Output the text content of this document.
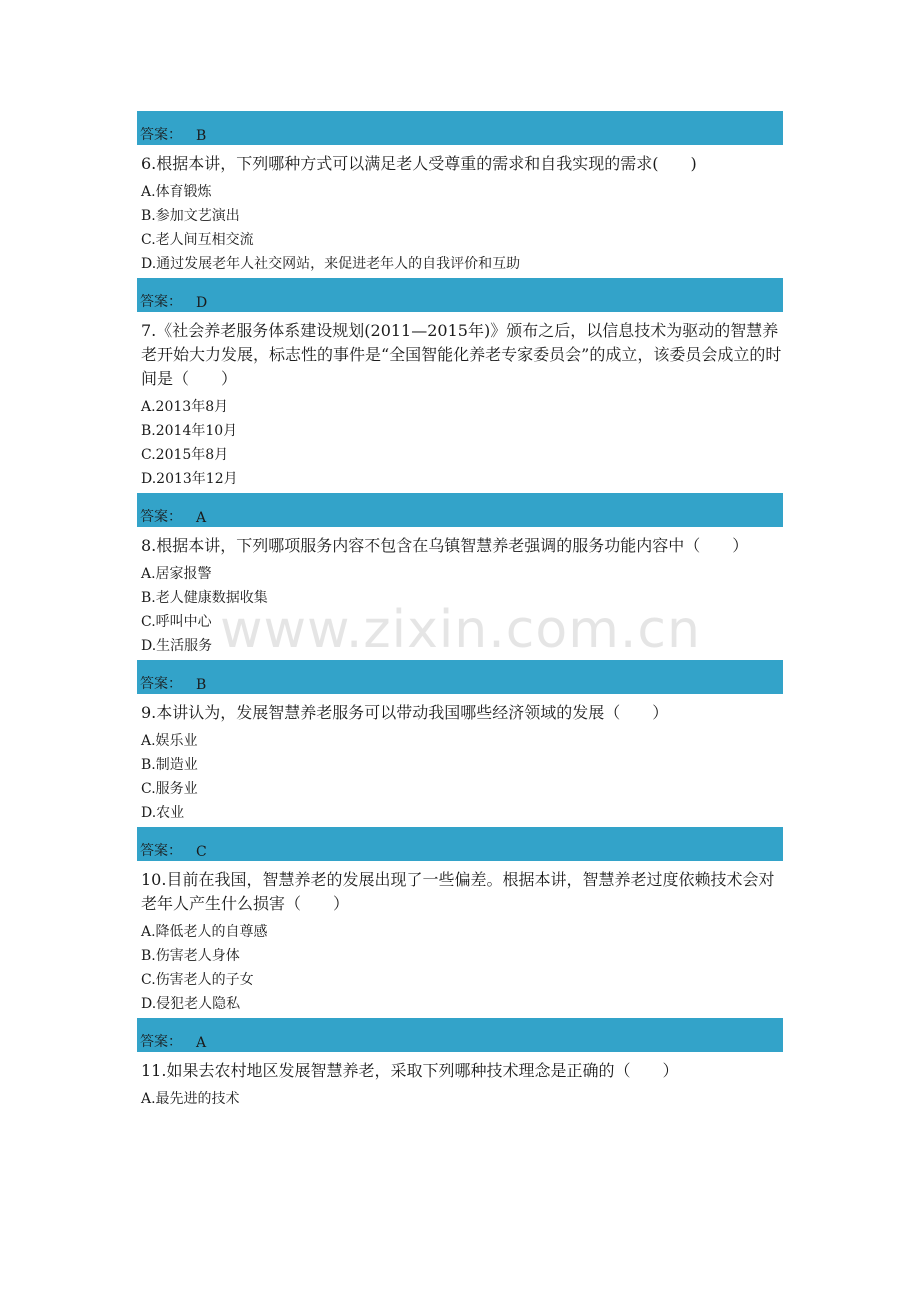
答案： B
6.根据本讲，下列哪种方式可以满足老人受尊重的需求和自我实现的需求(　　)
A.体育锻炼
B.参加文艺演出
C.老人间互相交流
D.通过发展老年人社交网站，来促进老年人的自我评价和互助
答案： D
7.《社会养老服务体系建设规划(2011—2015年)》颁布之后，以信息技术为驱动的智慧养老开始大力发展，标志性的事件是“全国智能化养老专家委员会”的成立，该委员会成立的时间是（　　）
A.2013年8月
B.2014年10月
C.2015年8月
D.2013年12月
答案： A
8.根据本讲，下列哪项服务内容不包含在乌镇智慧养老强调的服务功能内容中（　　）
A.居家报警
B.老人健康数据收集
C.呼叫中心
D.生活服务
答案： B
9.本讲认为，发展智慧养老服务可以带动我国哪些经济领域的发展（　　）
A.娱乐业
B.制造业
C.服务业
D.农业
答案： C
10.目前在我国，智慧养老的发展出现了一些偏差。根据本讲，智慧养老过度依赖技术会对老年人产生什么损害（　　）
A.降低老人的自尊感
B.伤害老人身体
C.伤害老人的子女
D.侵犯老人隐私
答案： A
11.如果去农村地区发展智慧养老，采取下列哪种技术理念是正确的（　　）
A.最先进的技术
www.zixin.com.cn
